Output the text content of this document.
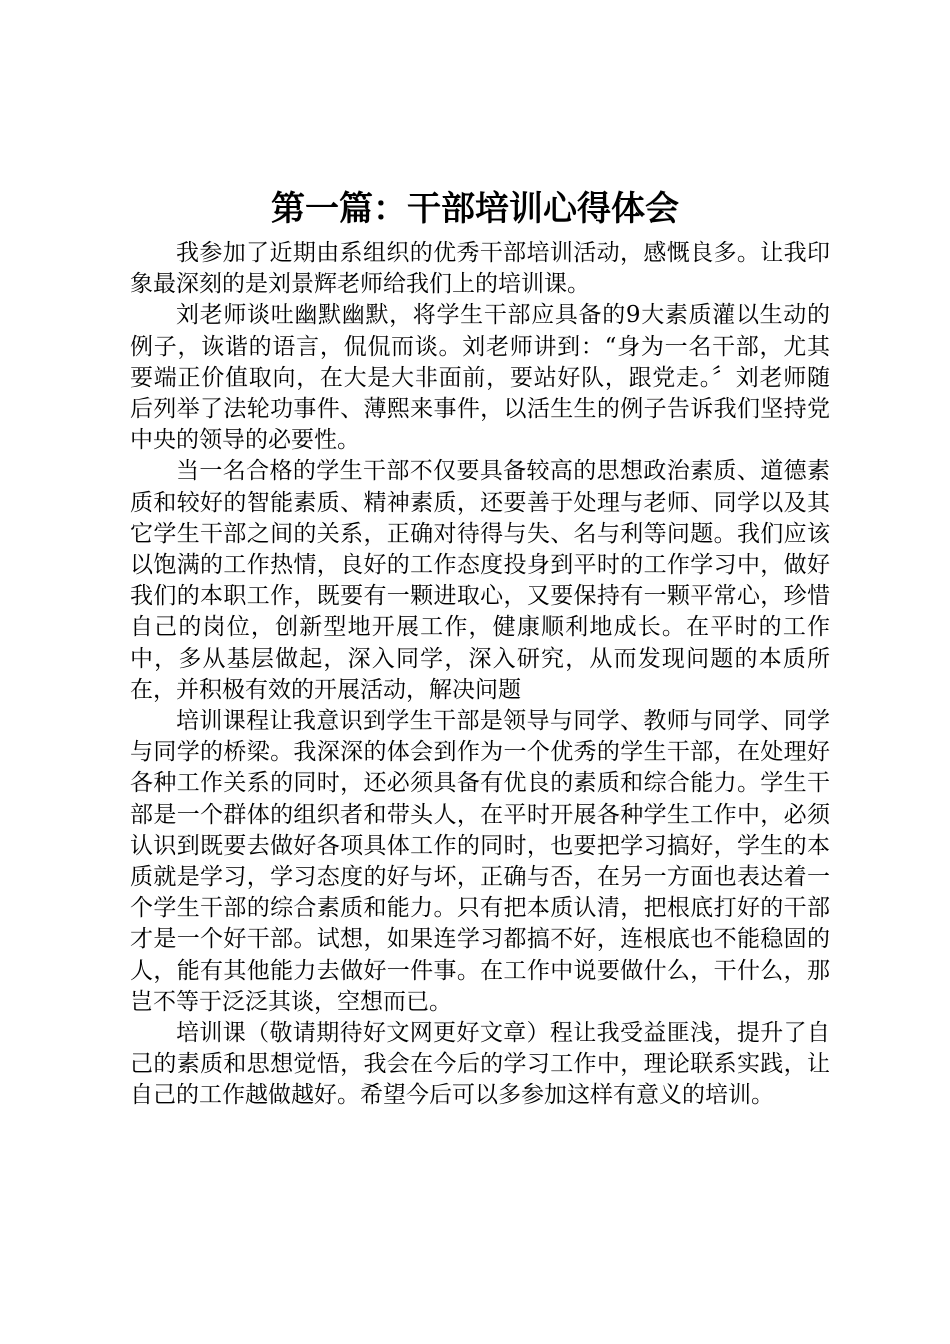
第一篇：干部培训心得体会

我参加了近期由系组织的优秀干部培训活动，感慨良多。让我印象最深刻的是刘景辉老师给我们上的培训课。

刘老师谈吐幽默幽默，将学生干部应具备的9大素质灌以生动的例子，诙谐的语言，侃侃而谈。刘老师讲到：“身为一名干部，尤其要端正价值取向，在大是大非面前，要站好队，跟党走。〞刘老师随后列举了法轮功事件、薄熙来事件，以活生生的例子告诉我们坚持党中央的领导的必要性。

当一名合格的学生干部不仅要具备较高的思想政治素质、道德素质和较好的智能素质、精神素质，还要善于处理与老师、同学以及其它学生干部之间的关系，正确对待得与失、名与利等问题。我们应该以饱满的工作热情，良好的工作态度投身到平时的工作学习中，做好我们的本职工作，既要有一颗进取心，又要保持有一颗平常心，珍惜自己的岗位，创新型地开展工作，健康顺利地成长。在平时的工作中，多从基层做起，深入同学，深入研究，从而发现问题的本质所在，并积极有效的开展活动，解决问题

培训课程让我意识到学生干部是领导与同学、教师与同学、同学与同学的桥梁。我深深的体会到作为一个优秀的学生干部，在处理好各种工作关系的同时，还必须具备有优良的素质和综合能力。学生干部是一个群体的组织者和带头人，在平时开展各种学生工作中，必须认识到既要去做好各项具体工作的同时，也要把学习搞好，学生的本质就是学习，学习态度的好与坏，正确与否，在另一方面也表达着一个学生干部的综合素质和能力。只有把本质认清，把根底打好的干部才是一个好干部。试想，如果连学习都搞不好，连根底也不能稳固的人，能有其他能力去做好一件事。在工作中说要做什么，干什么，那岂不等于泛泛其谈，空想而已。

培训课（敬请期待好文网更好文章）程让我受益匪浅，提升了自己的素质和思想觉悟，我会在今后的学习工作中，理论联系实践，让自己的工作越做越好。希望今后可以多参加这样有意义的培训。
